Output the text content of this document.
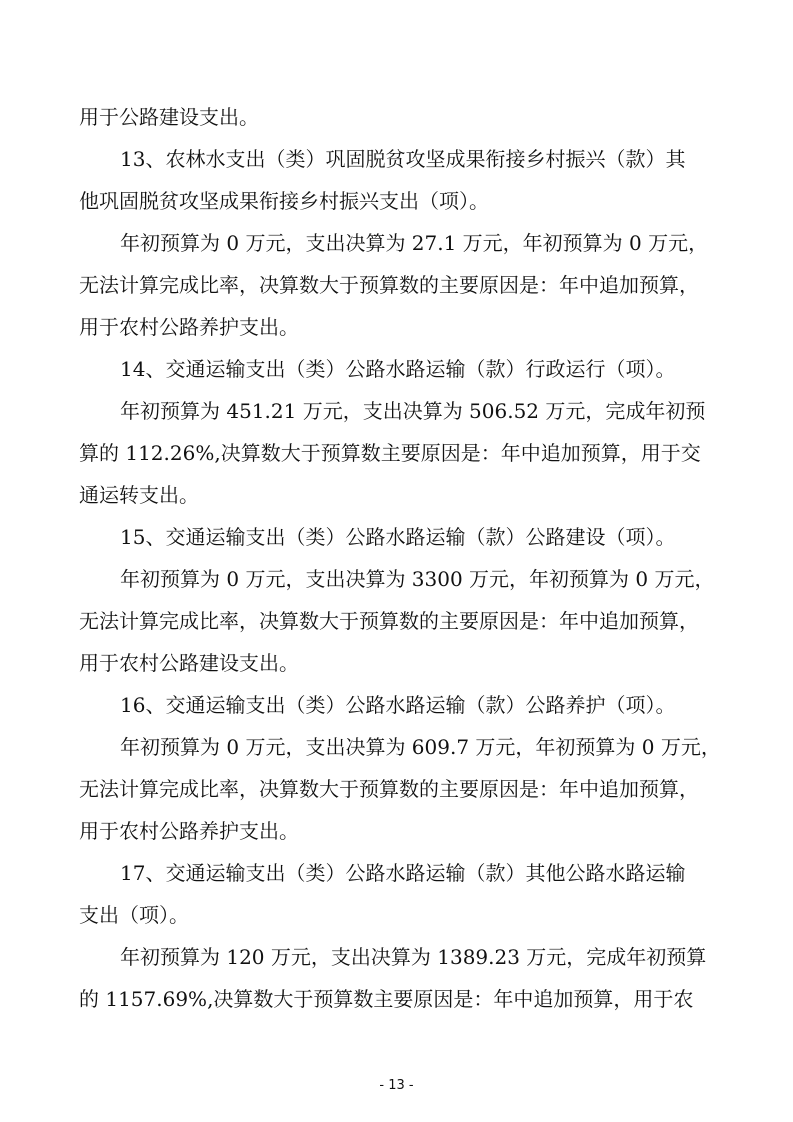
用于公路建设支出。
13、农林水支出（类）巩固脱贫攻坚成果衔接乡村振兴（款）其
他巩固脱贫攻坚成果衔接乡村振兴支出（项）。
年初预算为 0 万元，支出决算为 27.1 万元，年初预算为 0 万元，
无法计算完成比率，决算数大于预算数的主要原因是：年中追加预算，
用于农村公路养护支出。
14、交通运输支出（类）公路水路运输（款）行政运行（项）。
年初预算为 451.21 万元，支出决算为 506.52 万元，完成年初预
算的 112.26%,决算数大于预算数主要原因是：年中追加预算，用于交
通运转支出。
15、交通运输支出（类）公路水路运输（款）公路建设（项）。
年初预算为 0 万元，支出决算为 3300 万元，年初预算为 0 万元，
无法计算完成比率，决算数大于预算数的主要原因是：年中追加预算，
用于农村公路建设支出。
16、交通运输支出（类）公路水路运输（款）公路养护（项）。
年初预算为 0 万元，支出决算为 609.7 万元，年初预算为 0 万元，
无法计算完成比率，决算数大于预算数的主要原因是：年中追加预算，
用于农村公路养护支出。
17、交通运输支出（类）公路水路运输（款）其他公路水路运输
支出（项）。
年初预算为 120 万元，支出决算为 1389.23 万元，完成年初预算
的 1157.69%,决算数大于预算数主要原因是：年中追加预算，用于农
- 13 -
